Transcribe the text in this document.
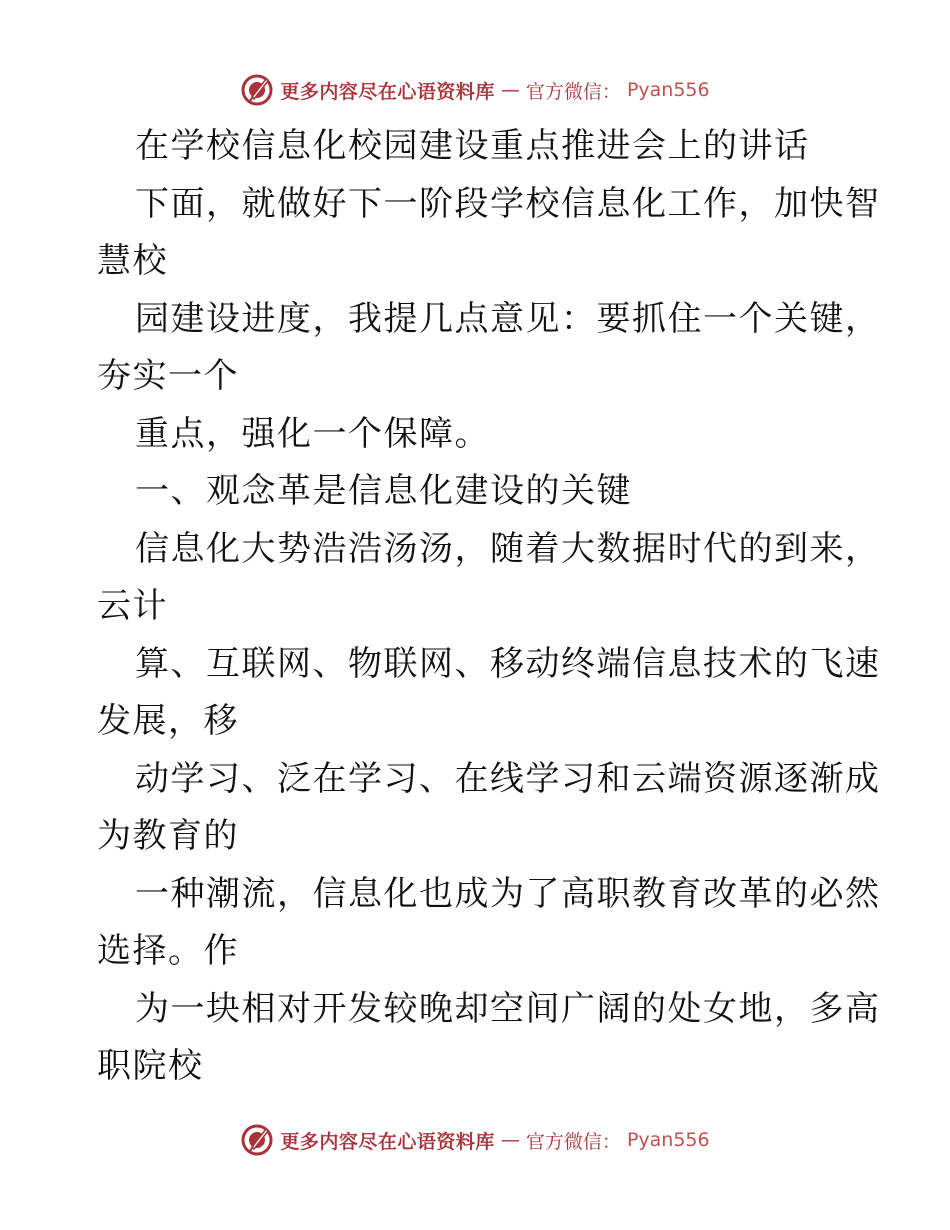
更多内容尽在心语资料库 — 官方微信： Pyan556
在学校信息化校园建设重点推进会上的讲话
下面，就做好下一阶段学校信息化工作，加快智
慧校
园建设进度，我提几点意见：要抓住一个关键，
夯实一个
重点，强化一个保障。
一、观念革是信息化建设的关键
信息化大势浩浩汤汤，随着大数据时代的到来，
云计
算、互联网、物联网、移动终端信息技术的飞速
发展，移
动学习、泛在学习、在线学习和云端资源逐渐成
为教育的
一种潮流，信息化也成为了高职教育改革的必然
选择。作
为一块相对开发较晚却空间广阔的处女地，多高
职院校
更多内容尽在心语资料库 — 官方微信： Pyan556
